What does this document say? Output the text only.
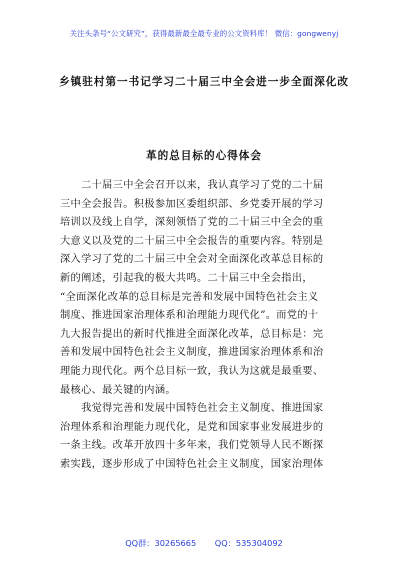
关注头条号“公文研究”，获得最新最全最专业的公文资料库！ 微信：gongwenyj
乡镇驻村第一书记学习二十届三中全会进一步全面深化改
革的总目标的心得体会
　　二十届三中全会召开以来，我认真学习了党的二十届
三中全会报告。积极参加区委组织部、乡党委开展的学习
培训以及线上自学，深刻领悟了党的二十届三中全会的重
大意义以及党的二十届三中全会报告的重要内容。特别是
深入学习了党的二十届三中全会对全面深化改革总目标的
新的阐述，引起我的极大共鸣。二十届三中全会指出，
“全面深化改革的总目标是完善和发展中国特色社会主义
制度、推进国家治理体系和治理能力现代化”。而党的十
九大报告提出的新时代推进全面深化改革，总目标是：完
善和发展中国特色社会主义制度，推进国家治理体系和治
理能力现代化。两个总目标一致，我认为这就是最重要、
最核心、最关键的内涵。
　　我觉得完善和发展中国特色社会主义制度、推进国家
治理体系和治理能力现代化，是党和国家事业发展进步的
一条主线。改革开放四十多年来，我们党领导人民不断探
索实践，逐步形成了中国特色社会主义制度，国家治理体
QQ群：30265665 QQ：535304092
